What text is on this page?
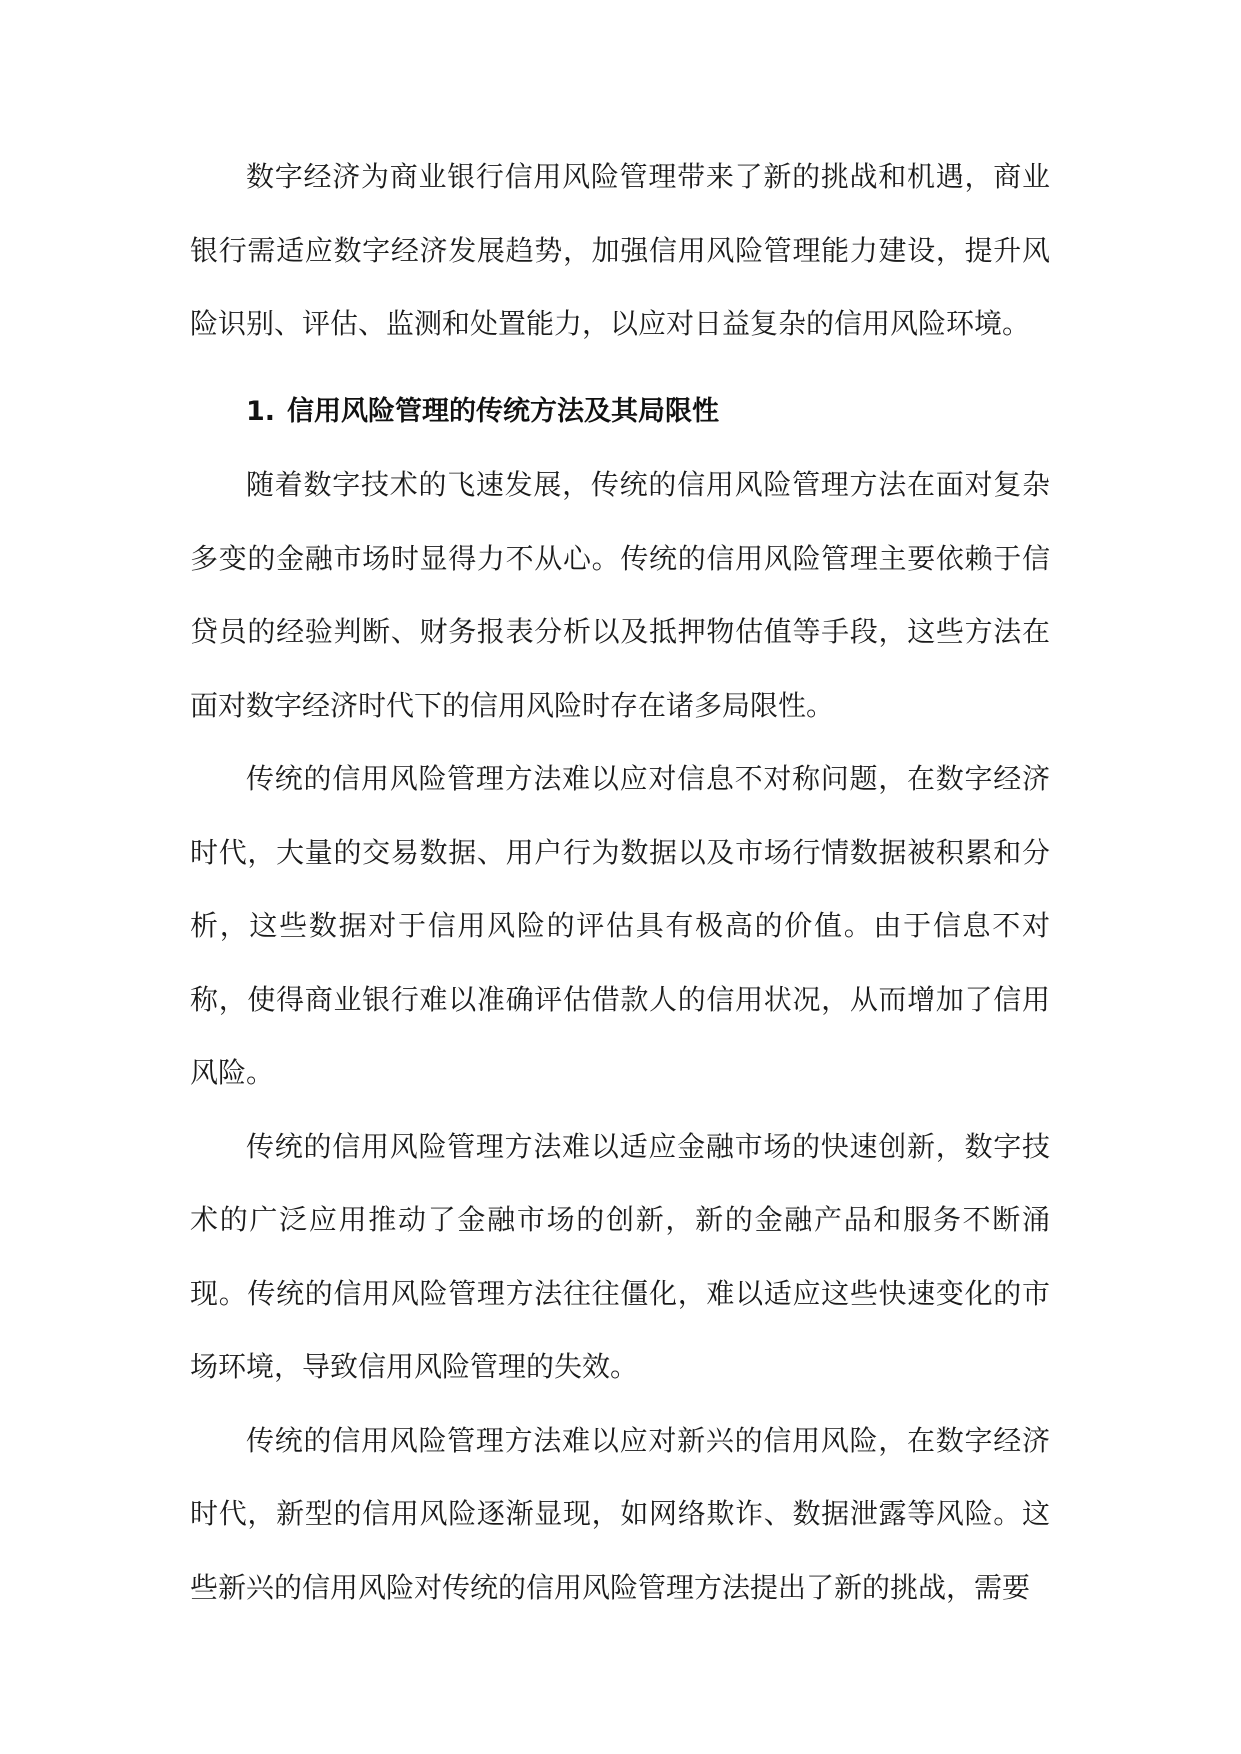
数字经济为商业银行信用风险管理带来了新的挑战和机遇，商业银行需适应数字经济发展趋势，加强信用风险管理能力建设，提升风险识别、评估、监测和处置能力，以应对日益复杂的信用风险环境。

1. 信用风险管理的传统方法及其局限性

随着数字技术的飞速发展，传统的信用风险管理方法在面对复杂多变的金融市场时显得力不从心。传统的信用风险管理主要依赖于信贷员的经验判断、财务报表分析以及抵押物估值等手段，这些方法在面对数字经济时代下的信用风险时存在诸多局限性。

传统的信用风险管理方法难以应对信息不对称问题，在数字经济时代，大量的交易数据、用户行为数据以及市场行情数据被积累和分析，这些数据对于信用风险的评估具有极高的价值。由于信息不对称，使得商业银行难以准确评估借款人的信用状况，从而增加了信用风险。

传统的信用风险管理方法难以适应金融市场的快速创新，数字技术的广泛应用推动了金融市场的创新，新的金融产品和服务不断涌现。传统的信用风险管理方法往往僵化，难以适应这些快速变化的市场环境，导致信用风险管理的失效。

传统的信用风险管理方法难以应对新兴的信用风险，在数字经济时代，新型的信用风险逐渐显现，如网络欺诈、数据泄露等风险。这些新兴的信用风险对传统的信用风险管理方法提出了新的挑战，需要
